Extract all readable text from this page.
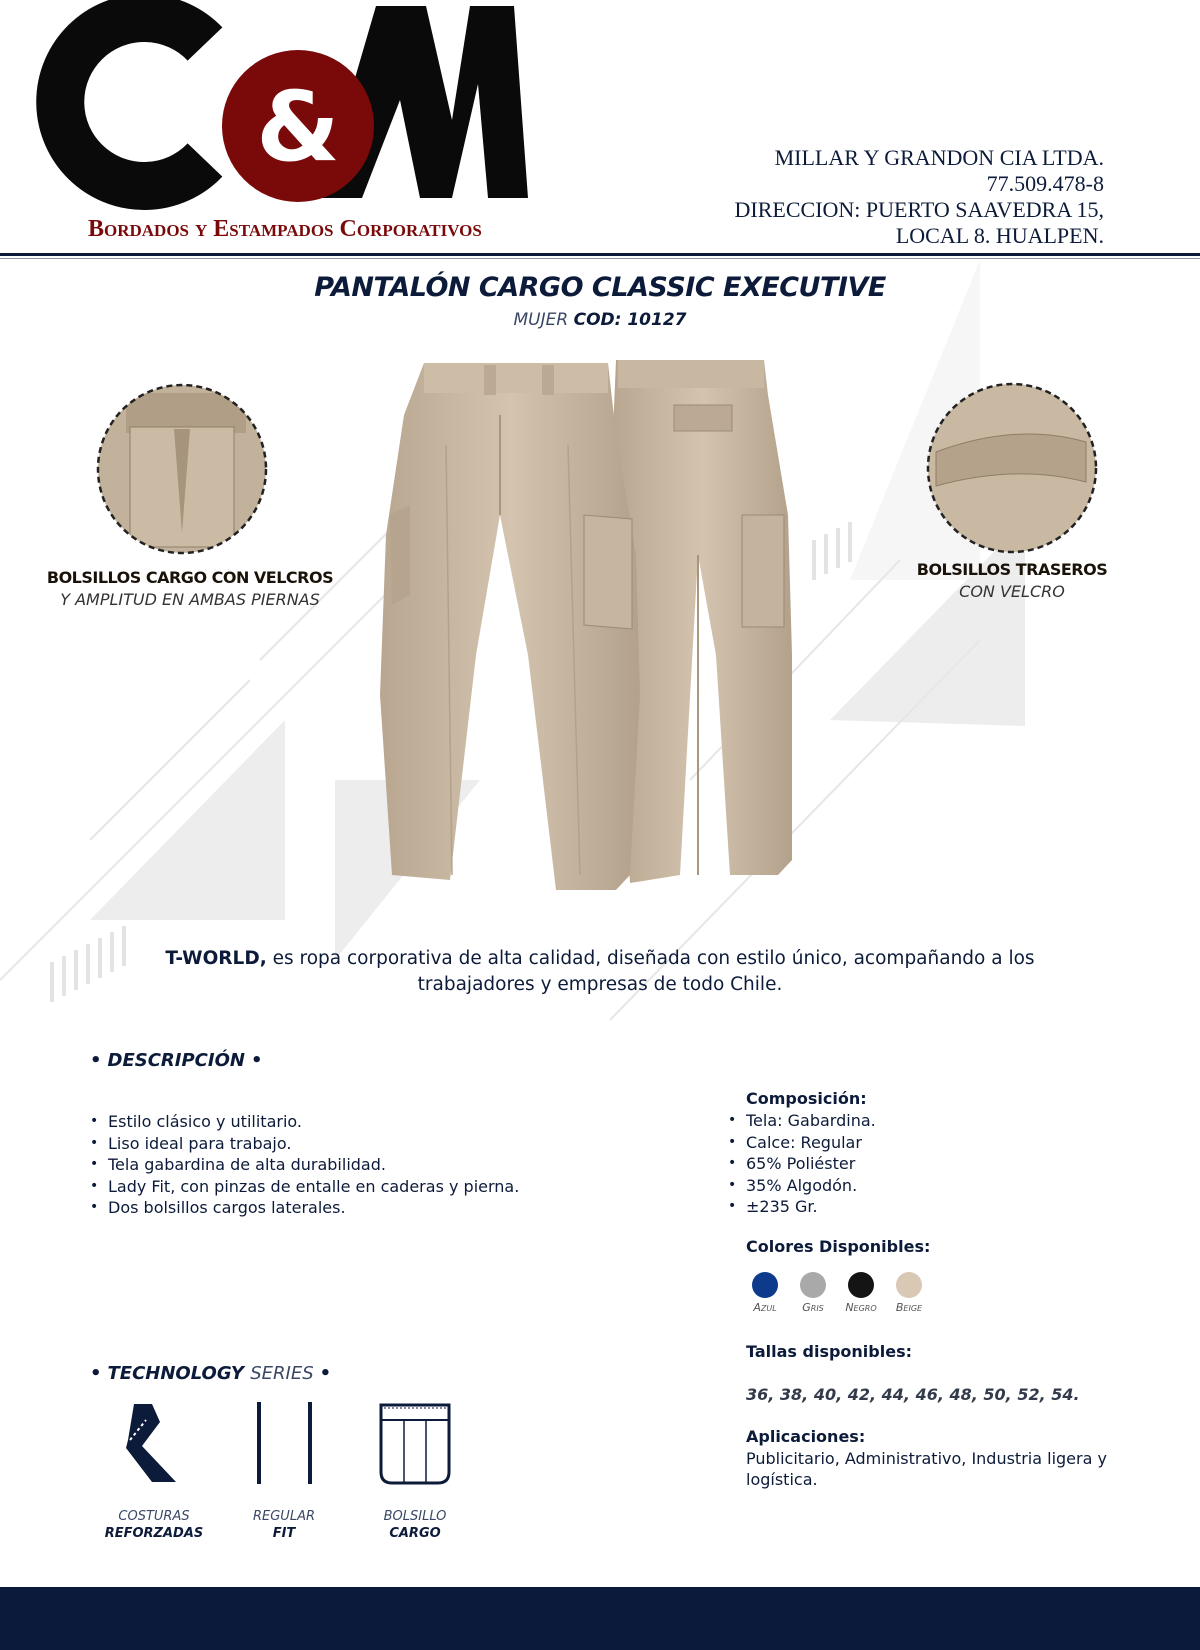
&
Bordados y Estampados Corporativos
MILLAR Y GRANDON CIA LTDA.
77.509.478-8
DIRECCION: PUERTO SAAVEDRA 15,
LOCAL 8. HUALPEN.
PANTALÓN CARGO CLASSIC EXECUTIVE
MUJER COD: 10127
BOLSILLOS CARGO CON VELCROS
Y AMPLITUD EN AMBAS PIERNAS
BOLSILLOS TRASEROS
CON VELCRO
T-WORLD, es ropa corporativa de alta calidad, diseñada con estilo único, acompañando a los trabajadores y empresas de todo Chile.
• DESCRIPCIÓN •
• Estilo clásico y utilitario.
• Liso ideal para trabajo.
• Tela gabardina de alta durabilidad.
• Lady Fit, con pinzas de entalle en caderas y pierna.
• Dos bolsillos cargos laterales.
Composición:
• Tela: Gabardina.
• Calce: Regular
• 65% Poliéster
• 35% Algodón.
• ±235 Gr.
Colores Disponibles:
Azul	Gris	Negro	Beige
Tallas disponibles:
36, 38, 40, 42, 44, 46, 48, 50, 52, 54.
Aplicaciones:
Publicitario, Administrativo, Industria ligera y logística.
• TECHNOLOGY SERIES •
COSTURAS
REFORZADAS
REGULAR
FIT
BOLSILLO
CARGO
